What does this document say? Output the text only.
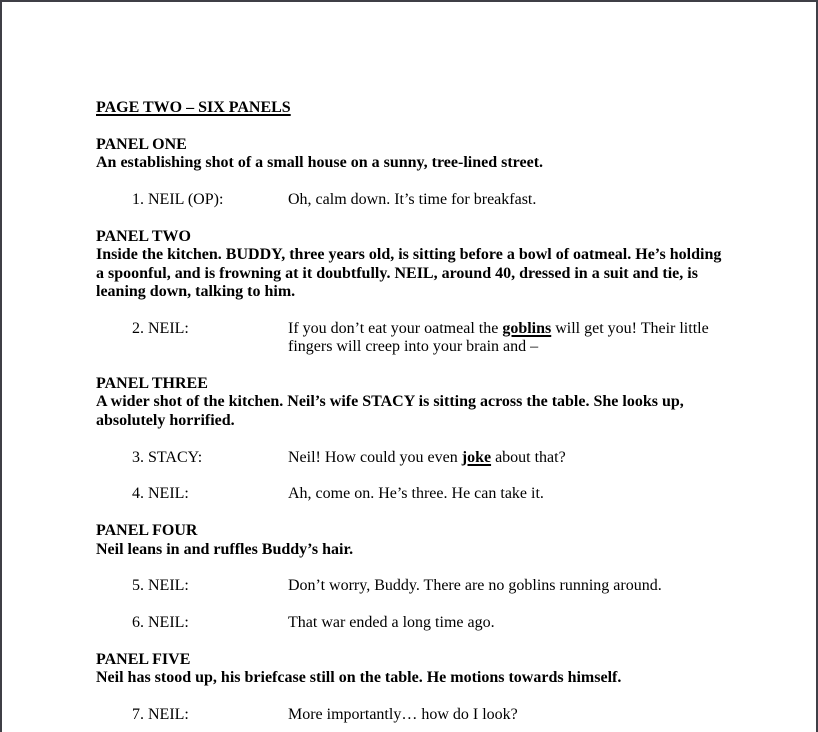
PAGE TWO – SIX PANELS
PANEL ONE
An establishing shot of a small house on a sunny, tree-lined street.
1. NEIL (OP):	Oh, calm down. It’s time for breakfast.
PANEL TWO
Inside the kitchen. BUDDY, three years old, is sitting before a bowl of oatmeal. He’s holding a spoonful, and is frowning at it doubtfully. NEIL, around 40, dressed in a suit and tie, is leaning down, talking to him.
2. NEIL:	If you don’t eat your oatmeal the goblins will get you! Their little fingers will creep into your brain and –
PANEL THREE
A wider shot of the kitchen. Neil’s wife STACY is sitting across the table. She looks up, absolutely horrified.
3. STACY:	Neil! How could you even joke about that?
4. NEIL:	Ah, come on. He’s three. He can take it.
PANEL FOUR
Neil leans in and ruffles Buddy’s hair.
5. NEIL:	Don’t worry, Buddy. There are no goblins running around.
6. NEIL:	That war ended a long time ago.
PANEL FIVE
Neil has stood up, his briefcase still on the table. He motions towards himself.
7. NEIL:	More importantly… how do I look?
